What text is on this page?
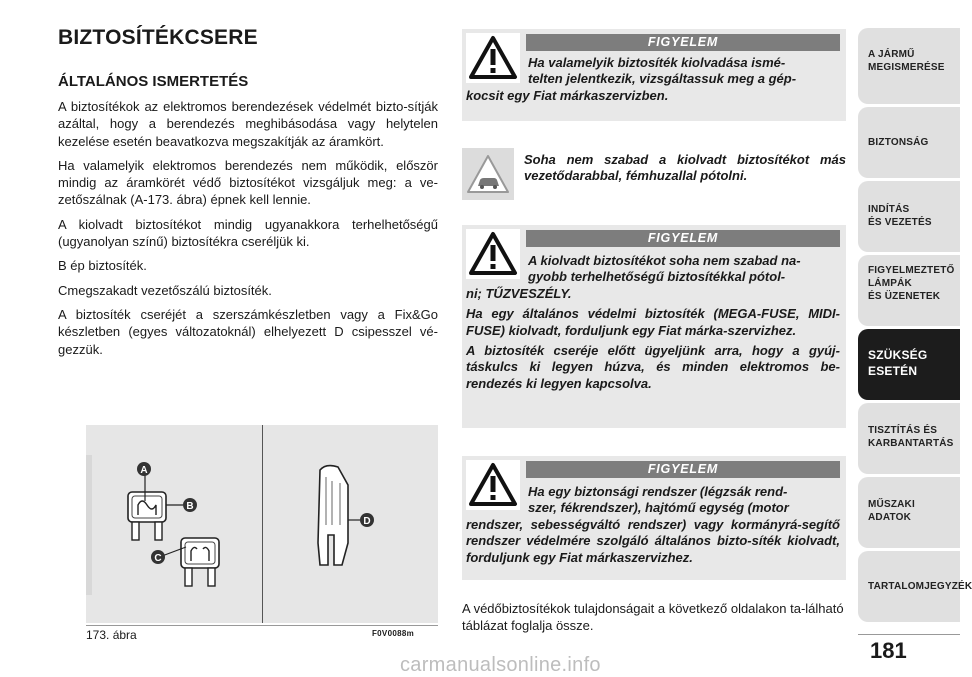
BIZTOSÍTÉKCSERE
ÁLTALÁNOS ISMERTETÉS

A biztosítékok az elektromos berendezések védelmét bizto-sítják azáltal, hogy a berendezés meghibásodása vagy helytelen kezelése esetén beavatkozva megszakítják az áramkört.

Ha valamelyik elektromos berendezés nem működik, először mindig az áramkörét védő biztosítékot vizsgáljuk meg: a ve-zetőszálnak (A-173. ábra) épnek kell lennie.

A kiolvadt biztosítékot mindig ugyanakkora terhelhetőségű (ugyanolyan színű) biztosítékra cseréljük ki.

B ép biztosíték.

Cmegszakadt vezetőszálú biztosíték.

A biztosíték cseréjét a szerszámkészletben vagy a Fix&Go készletben (egyes változatoknál) elhelyezett D csipesszel vé-gezzük.

A
B
C
D
173. ábra	F0V0088m
FIGYELEM
Ha valamelyik biztosíték kiolvadása ismé-
telten jelentkezik, vizsgáltassuk meg a gép-
kocsit egy Fiat márkaszervizben.
Soha nem szabad a kiolvadt biztosítékot más vezetődarabbal, fémhuzallal pótolni.
FIGYELEM
A kiolvadt biztosítékot soha nem szabad na-
gyobb terhelhetőségű biztosítékkal pótol-

ni; TŰZVESZÉLY.

Ha egy általános védelmi biztosíték (MEGA-FUSE, MIDI-FUSE) kiolvadt, forduljunk egy Fiat márka-szervizhez.

A biztosíték cseréje előtt ügyeljünk arra, hogy a gyúj-táskulcs ki legyen húzva, és minden elektromos be-rendezés ki legyen kapcsolva.

FIGYELEM
Ha egy biztonsági rendszer (légzsák rend-
szer, fékrendszer), hajtómű egység (motor
rendszer, sebességváltó rendszer) vagy kormányrá-segítő rendszer védelmére szolgáló általános bizto-síték kiolvadt, forduljunk egy Fiat márkaszervizhez.
A védőbiztosítékok tulajdonságait a következő oldalakon ta-lálható táblázat foglalja össze.
A JÁRMŰ
MEGISMERÉSE
BIZTONSÁG
INDÍTÁS
ÉS VEZETÉS
FIGYELMEZTETŐ
LÁMPÁK
ÉS ÜZENETEK
SZÜKSÉG
ESETÉN
TISZTÍTÁS ÉS
KARBANTARTÁS
MŰSZAKI
ADATOK
TARTALOMJEGYZÉK
181
carmanualsonline.info
